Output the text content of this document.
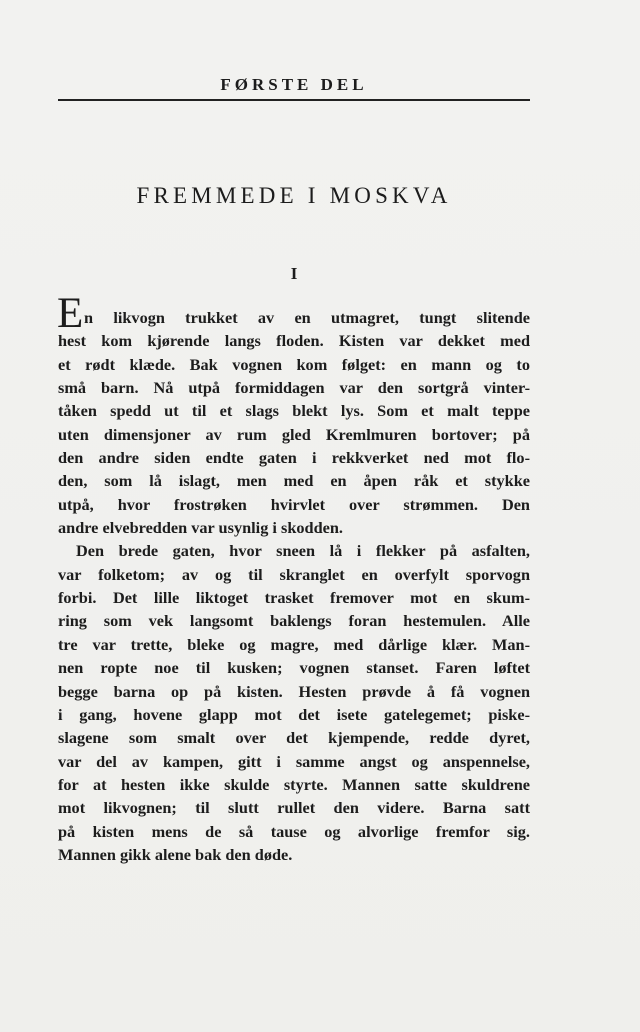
FØRSTE DEL
FREMMEDE I MOSKVA
I
E n likvogn trukket av en utmagret, tungt slitende
hest kom kjørende langs floden. Kisten var dekket med
et rødt klæde. Bak vognen kom følget: en mann og to
små barn. Nå utpå formiddagen var den sortgrå vinter-
tåken spedd ut til et slags blekt lys. Som et malt teppe
uten dimensjoner av rum gled Kremlmuren bortover; på
den andre siden endte gaten i rekkverket ned mot flo-
den, som lå islagt, men med en åpen råk et stykke
utpå, hvor frostrøken hvirvlet over strømmen. Den
andre elvebredden var usynlig i skodden.
Den brede gaten, hvor sneen lå i flekker på asfalten,
var folketom; av og til skranglet en overfylt sporvogn
forbi. Det lille liktoget trasket fremover mot en skum-
ring som vek langsomt baklengs foran hestemulen. Alle
tre var trette, bleke og magre, med dårlige klær. Man-
nen ropte noe til kusken; vognen stanset. Faren løftet
begge barna op på kisten. Hesten prøvde å få vognen
i gang, hovene glapp mot det isete gatelegemet; piske-
slagene som smalt over det kjempende, redde dyret,
var del av kampen, gitt i samme angst og anspennelse,
for at hesten ikke skulde styrte. Mannen satte skuldrene
mot likvognen; til slutt rullet den videre. Barna satt
på kisten mens de så tause og alvorlige fremfor sig.
Mannen gikk alene bak den døde.
